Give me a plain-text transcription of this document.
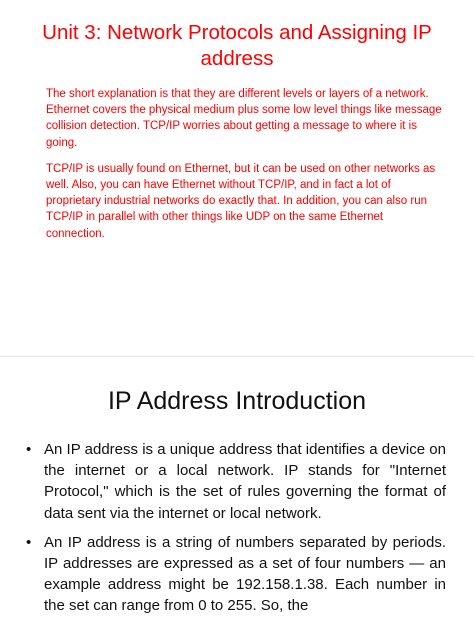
Unit 3: Network Protocols and Assigning IP address

The short explanation is that they are different levels or layers of a network. Ethernet covers the physical medium plus some low level things like message collision detection. TCP/IP worries about getting a message to where it is going.

TCP/IP is usually found on Ethernet, but it can be used on other networks as well. Also, you can have Ethernet without TCP/IP, and in fact a lot of proprietary industrial networks do exactly that. In addition, you can also run TCP/IP in parallel with other things like UDP on the same Ethernet connection.

IP Address Introduction
• An IP address is a unique address that identifies a device on the internet or a local network. IP stands for "Internet Protocol," which is the set of rules governing the format of data sent via the internet or local network.
• An IP address is a string of numbers separated by periods. IP addresses are expressed as a set of four numbers — an example address might be 192.158.1.38. Each number in the set can range from 0 to 255. So, the
